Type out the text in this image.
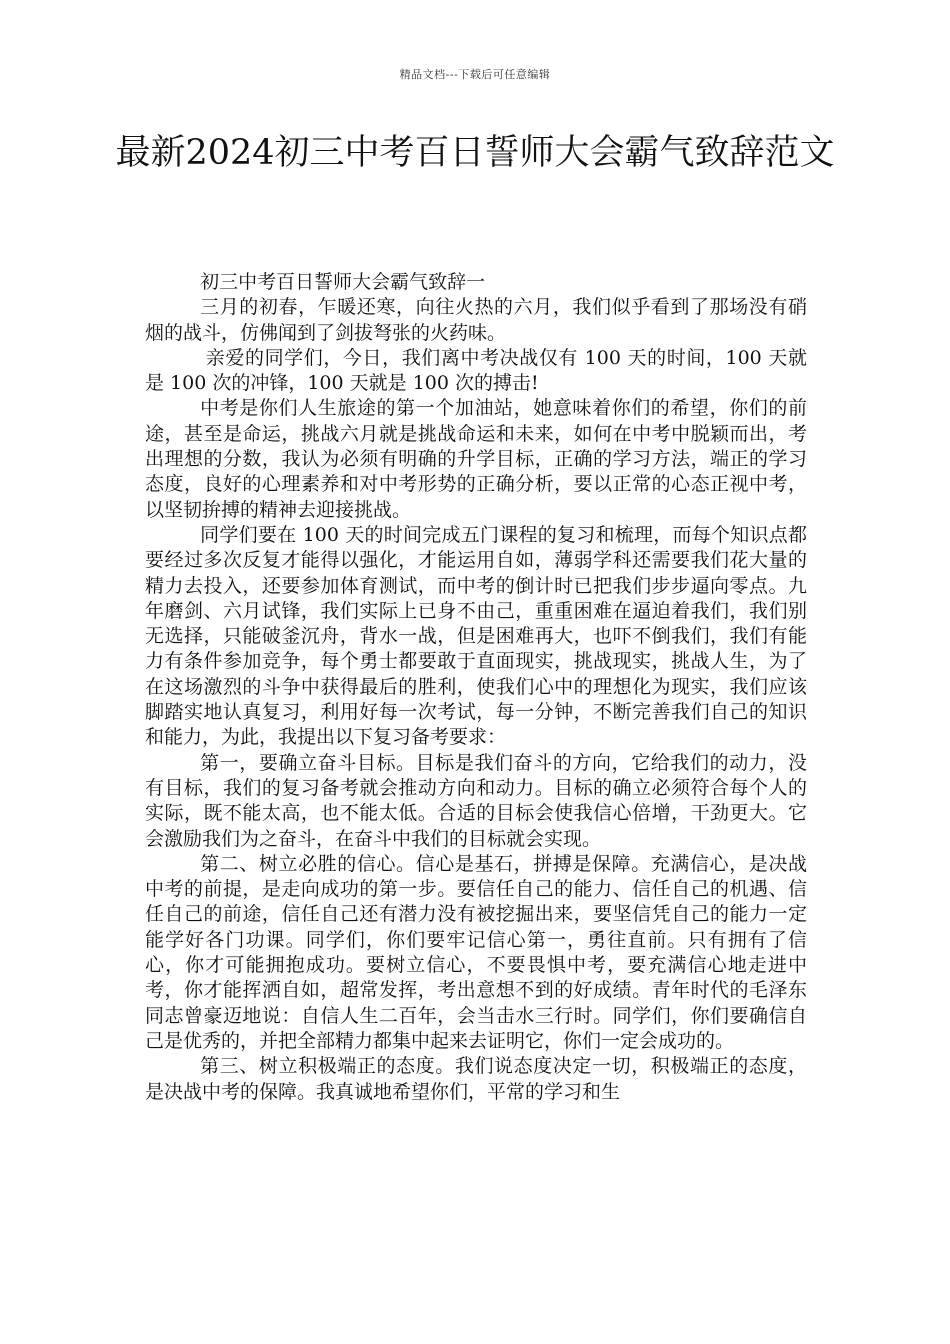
精品文档---下载后可任意编辑
最新2024初三中考百日誓师大会霸气致辞范文

初三中考百日誓师大会霸气致辞一

三月的初春，乍暖还寒，向往火热的六月，我们似乎看到了那场没有硝烟的战斗，仿佛闻到了剑拔弩张的火药味。

亲爱的同学们，今日，我们离中考决战仅有 100 天的时间，100 天就是 100 次的冲锋，100 天就是 100 次的搏击!

中考是你们人生旅途的第一个加油站，她意味着你们的希望，你们的前途，甚至是命运，挑战六月就是挑战命运和未来，如何在中考中脱颖而出，考出理想的分数，我认为必须有明确的升学目标，正确的学习方法，端正的学习态度，良好的心理素养和对中考形势的正确分析，要以正常的心态正视中考，以坚韧拚搏的精神去迎接挑战。

同学们要在 100 天的时间完成五门课程的复习和梳理，而每个知识点都要经过多次反复才能得以强化，才能运用自如，薄弱学科还需要我们花大量的精力去投入，还要参加体育测试，而中考的倒计时已把我们步步逼向零点。九年磨剑、六月试锋，我们实际上已身不由己，重重困难在逼迫着我们，我们别无选择，只能破釜沉舟，背水一战，但是困难再大，也吓不倒我们，我们有能力有条件参加竞争，每个勇士都要敢于直面现实，挑战现实，挑战人生，为了在这场激烈的斗争中获得最后的胜利，使我们心中的理想化为现实，我们应该脚踏实地认真复习，利用好每一次考试，每一分钟，不断完善我们自己的知识和能力，为此，我提出以下复习备考要求：

第一，要确立奋斗目标。目标是我们奋斗的方向，它给我们的动力，没有目标，我们的复习备考就会推动方向和动力。目标的确立必须符合每个人的实际，既不能太高，也不能太低。合适的目标会使我信心倍增，干劲更大。它会激励我们为之奋斗，在奋斗中我们的目标就会实现。

第二、树立必胜的信心。信心是基石，拼搏是保障。充满信心，是决战中考的前提，是走向成功的第一步。要信任自己的能力、信任自己的机遇、信任自己的前途，信任自己还有潜力没有被挖掘出来，要坚信凭自己的能力一定能学好各门功课。同学们，你们要牢记信心第一，勇往直前。只有拥有了信心，你才可能拥抱成功。要树立信心，不要畏惧中考，要充满信心地走进中考，你才能挥洒自如，超常发挥，考出意想不到的好成绩。青年时代的毛泽东同志曾豪迈地说：自信人生二百年，会当击水三行时。同学们，你们要确信自己是优秀的，并把全部精力都集中起来去证明它，你们一定会成功的。

第三、树立积极端正的态度。我们说态度决定一切，积极端正的态度，是决战中考的保障。我真诚地希望你们，平常的学习和生
